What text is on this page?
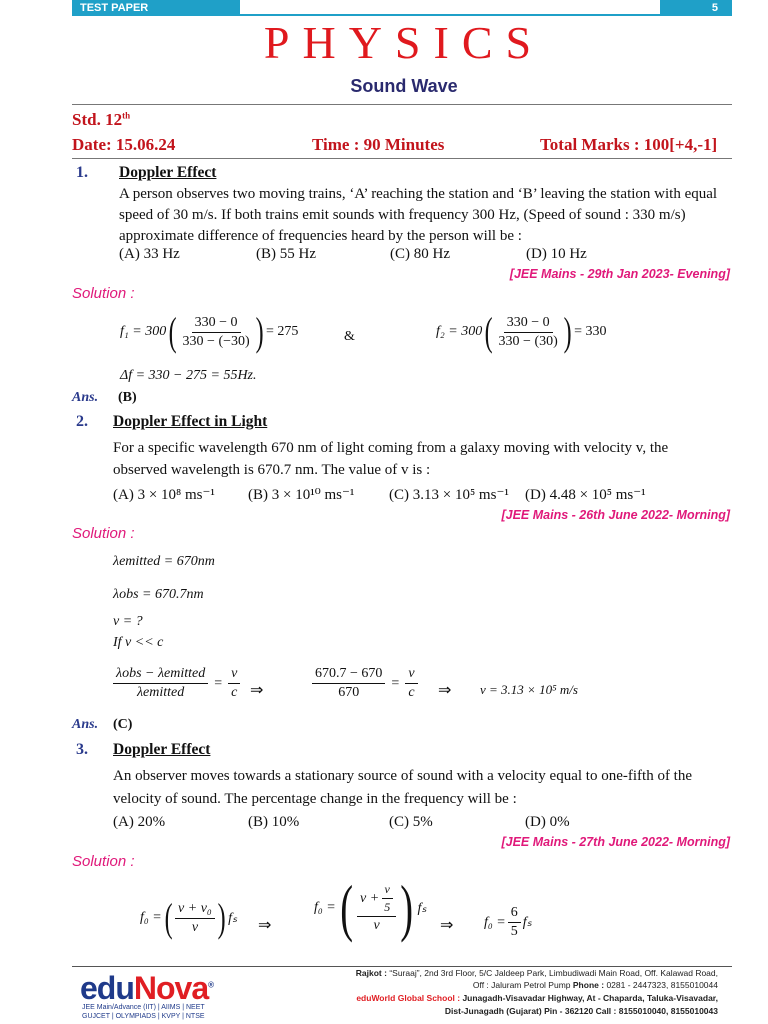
TEST PAPER	5
PHYSICS
Sound Wave
Std. 12th
Date: 15.06.24	Time : 90 Minutes	Total Marks : 100[+4,-1]
1. Doppler Effect
A person observes two moving trains, ‘A’ reaching the station and ‘B’ leaving the station with equal
speed of 30 m/s. If both trains emit sounds with frequency 300 Hz, (Speed of sound : 330 m/s)
approximate difference of frequencies heard by the person will be :
(A) 33 Hz	(B) 55 Hz	(C) 80 Hz	(D) 10 Hz
[JEE Mains - 29th Jan 2023- Evening]
Solution :
f₁ = 300 ( $\frac{330 - 0}{330 - (-30)}$ ) = 275	&	f₂ = 300 ( $\frac{330 - 0}{330 - (30)}$ ) = 330
Δf = 330 − 275 = 55Hz.
Ans. (B)
2. Doppler Effect in Light
For a specific wavelength 670 nm of light coming from a galaxy moving with velocity v, the
observed wavelength is 670.7 nm. The value of v is :
(A) 3 × 10⁸ ms⁻¹ (B) 3 × 10¹⁰ ms⁻¹ (C) 3.13 × 10⁵ ms⁻¹ (D) 4.48 × 10⁵ ms⁻¹
[JEE Mains - 26th June 2022- Morning]
Solution :
λemitted = 670nm
λobs = 670.7nm
v = ?
If v << c
$\frac{\text{λobs − λemitted}}{\text{λemitted}} = \frac{v}{c}$ ⇒	$\frac{670.7 - 670}{670} = \frac{v}{c}$ ⇒ v = 3.13 × 10⁵ m/s
Ans. (C)
3. Doppler Effect
An observer moves towards a stationary source of sound with a velocity equal to one-fifth of the
velocity of sound. The percentage change in the frequency will be :
(A) 20%	(B) 10%	(C) 5%	(D) 0%
[JEE Mains - 27th June 2022- Morning]
Solution :
f₀ = ( $\frac{\text{v + v₀}}{v}$ ) fₛ ⇒
f₀ = ( $\frac{v + \frac{v}{5}}{v}$ ) fₛ
⇒ $f_0 = \frac{6}{5}$ fₛ
eduNova®
JEE Main/Advance (IIT) | AIIMS | NEET
GUJCET | OLYMPIADS | KVPY | NTSE
Rajkot : “Suraaj”, 2nd 3rd Floor, 5/C Jaldeep Park, Limbudiwadi Main Road, Off. Kalawad Road,
Off : Jaluram Petrol Pump Phone : 0281 - 2447323, 8155010044
eduWorld Global School : Junagadh-Visavadar Highway, At - Chaparda, Taluka-Visavadar,
Dist-Junagadh (Gujarat) Pin - 362120 Call : 8155010040, 8155010043
